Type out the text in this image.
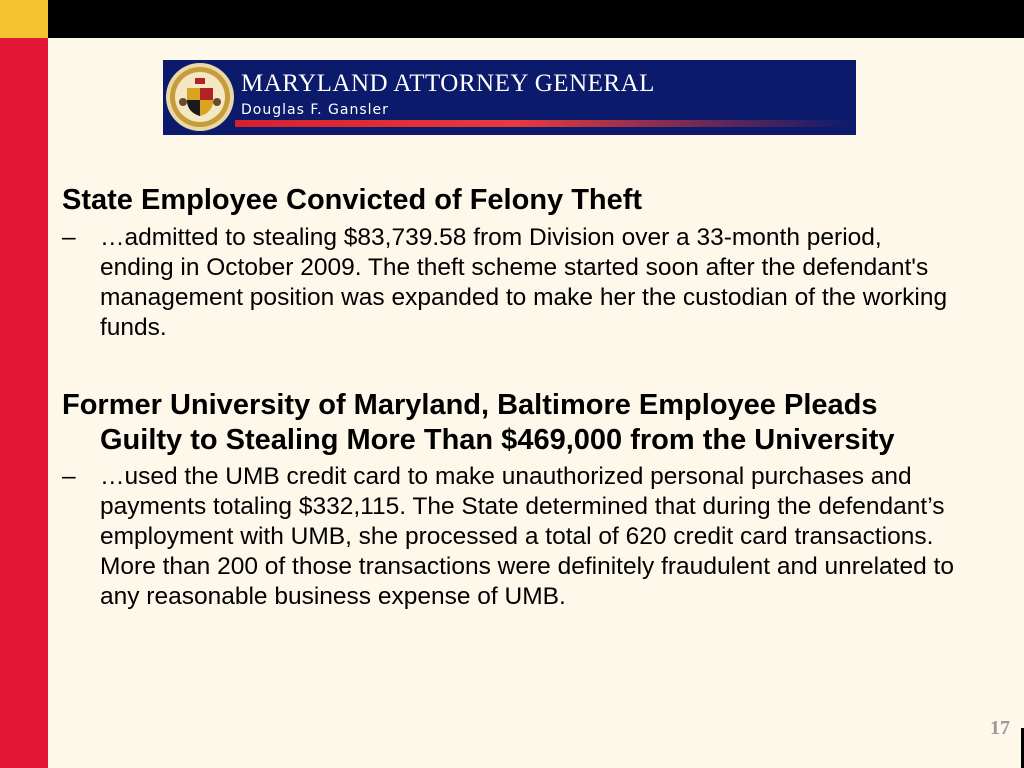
MARYLAND ATTORNEY GENERAL
Douglas F. Gansler

State Employee Convicted of Felony Theft

– …admitted to stealing $83,739.58 from Division over a 33-month period, ending in October 2009. The theft scheme started soon after the defendant's management position was expanded to make her the custodian of the working funds.

Former University of Maryland, Baltimore Employee Pleads Guilty to Stealing More Than $469,000 from the University

– …used the UMB credit card to make unauthorized personal purchases and payments totaling $332,115. The State determined that during the defendant’s employment with UMB, she processed a total of 620 credit card transactions. More than 200 of those transactions were definitely fraudulent and unrelated to any reasonable business expense of UMB.

17
